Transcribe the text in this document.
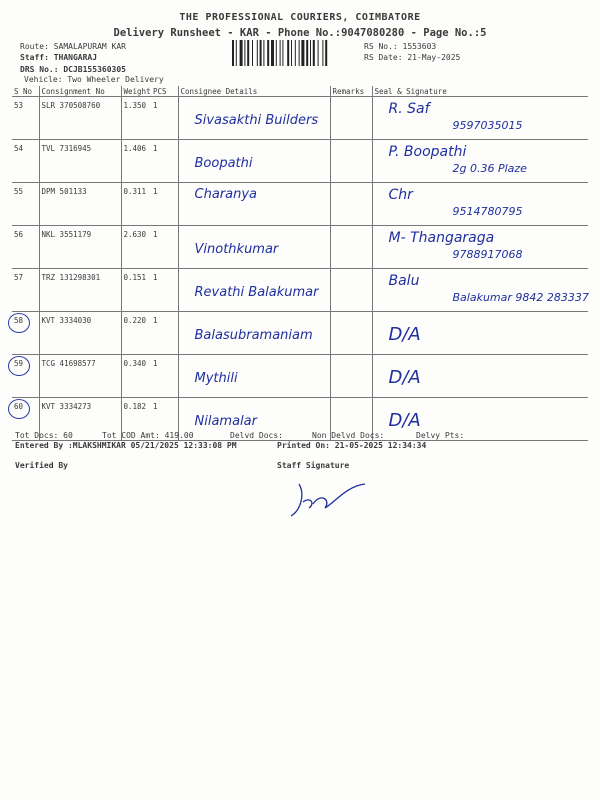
THE PROFESSIONAL COURIERS, COIMBATORE
Delivery Runsheet - KAR - Phone No.:9047080280 - Page No.:5
Route: SAMALAPURAM KAR
Staff: THANGARAJ
DRS No.: DCJB155360305
Vehicle: Two Wheeler Delivery
RS No.: 1553603
RS Date: 21-May-2025
S No	Consignment No	Weight	PCS	Consignee Details	Remarks	Seal & Signature
53	SLR 370508760	1.350	1	Sivasakthi Builders		R. Saf
9597035015

54	TVL 7316945	1.406	1	Boopathi		P. Boopathi
2g 0.36 Plaze

55	DPM 501133	0.311	1	Charanya		Chr
9514780795

56	NKL 3551179	2.630	1	Vinothkumar		M- Thangaraga
9788917068

57	TRZ 131298301	0.151	1	Revathi Balakumar		Balu
Balakumar 9842 283337

58	KVT 3334030	0.220	1	Balasubramaniam		D/A

59	TCG 41698577	0.340	1	Mythili		D/A

60	KVT 3334273	0.182	1	Nilamalar		D/A
Tot Docs: 60	Tot COD Amt: 419.00	Delvd Docs:	Non Delvd Docs:	Delvy Pts:
Entered By :MLAKSHMIKAR 05/21/2025 12:33:08 PM	Printed On: 21-05-2025 12:34:34
Verified By	Staff Signature
